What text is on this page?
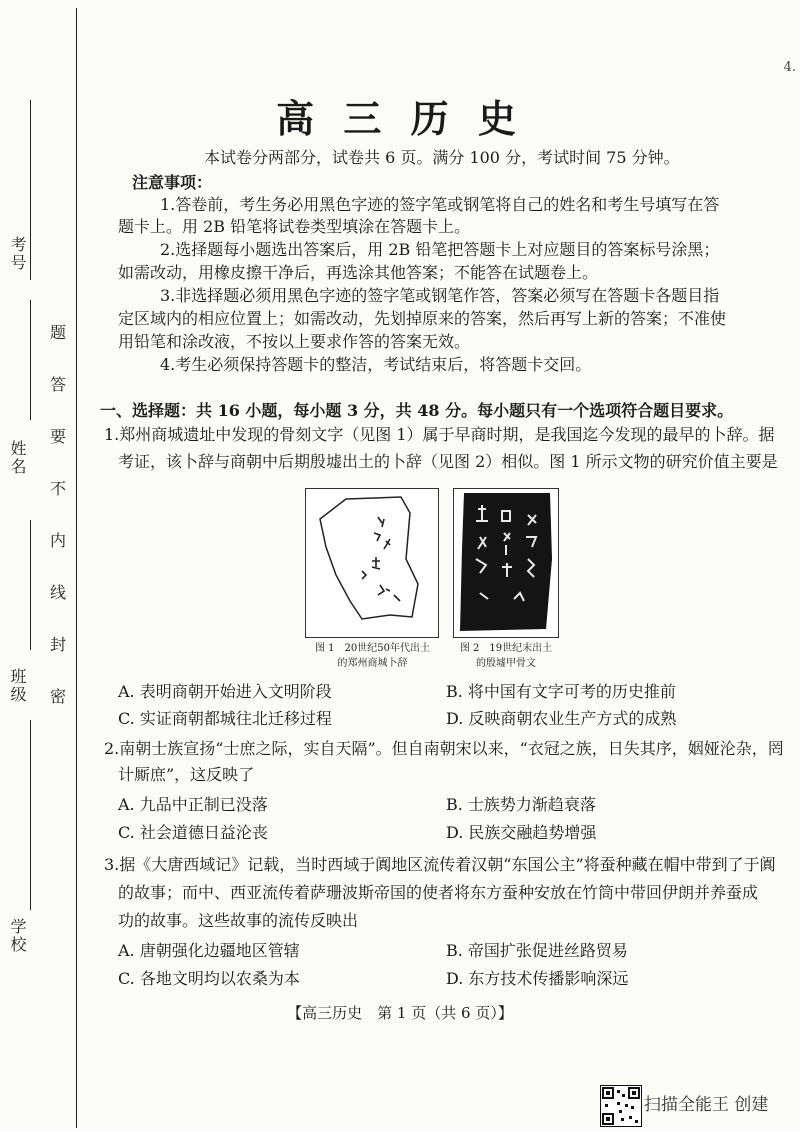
4.
考号
姓名
班级
学校
题
答
要
不
内
线
封
密
高 三 历 史
本试卷分两部分，试卷共 6 页。满分 100 分，考试时间 75 分钟。
注意事项：
1.答卷前，考生务必用黑色字迹的签字笔或钢笔将自己的姓名和考生号填写在答
题卡上。用 2B 铅笔将试卷类型填涂在答题卡上。
2.选择题每小题选出答案后，用 2B 铅笔把答题卡上对应题目的答案标号涂黑；
如需改动，用橡皮擦干净后，再选涂其他答案；不能答在试题卷上。
3.非选择题必须用黑色字迹的签字笔或钢笔作答，答案必须写在答题卡各题目指
定区域内的相应位置上；如需改动，先划掉原来的答案，然后再写上新的答案；不准使
用铅笔和涂改液，不按以上要求作答的答案无效。
4.考生必须保持答题卡的整洁，考试结束后，将答题卡交回。
一、选择题：共 16 小题，每小题 3 分，共 48 分。每小题只有一个选项符合题目要求。
1.郑州商城遗址中发现的骨刻文字（见图 1）属于早商时期，是我国迄今发现的最早的卜辞。据
考证，该卜辞与商朝中后期殷墟出土的卜辞（见图 2）相似。图 1 所示文物的研究价值主要是
图 1　20世纪50年代出土
的郑州商城卜辞
图 2　19世纪末出土
的殷墟甲骨文
A. 表明商朝开始进入文明阶段	B. 将中国有文字可考的历史推前
C. 实证商朝都城往北迁移过程	D. 反映商朝农业生产方式的成熟
2.南朝士族宣扬“士庶之际，实自天隔”。但自南朝宋以来，“衣冠之族，日失其序，姻娅沦杂，罔
计厮庶”，这反映了
A. 九品中正制已没落	B. 士族势力渐趋衰落
C. 社会道德日益沦丧	D. 民族交融趋势增强
3.据《大唐西域记》记载，当时西域于阗地区流传着汉朝“东国公主”将蚕种藏在帽中带到了于阗
的故事；而中、西亚流传着萨珊波斯帝国的使者将东方蚕种安放在竹筒中带回伊朗并养蚕成
功的故事。这些故事的流传反映出
A. 唐朝强化边疆地区管辖	B. 帝国扩张促进丝路贸易
C. 各地文明均以农桑为本	D. 东方技术传播影响深远
【高三历史　第 1 页（共 6 页）】
扫描全能王 创建
